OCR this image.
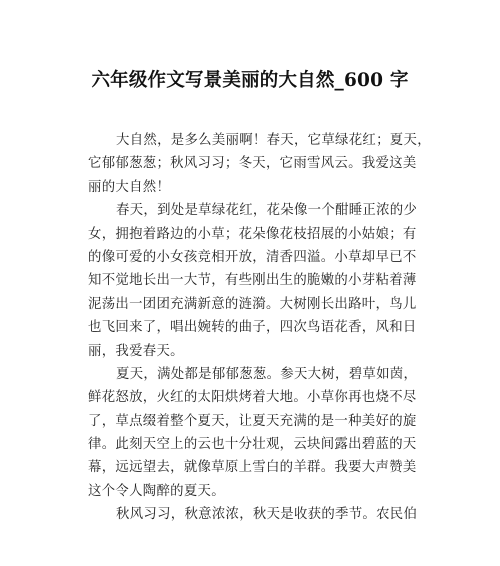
六年级作文写景美丽的大自然_600 字
大自然，是多么美丽啊！春天，它草绿花红；夏天，
它郁郁葱葱；秋风习习；冬天，它雨雪风云。我爱这美
丽的大自然！
春天，到处是草绿花红，花朵像一个酣睡正浓的少
女，拥抱着路边的小草；花朵像花枝招展的小姑娘；有
的像可爱的小女孩竞相开放，清香四溢。小草却早已不
知不觉地长出一大节，有些刚出生的脆嫩的小芽粘着薄
泥荡出一团团充满新意的涟漪。大树刚长出路叶，鸟儿
也飞回来了，唱出婉转的曲子，四次鸟语花香，风和日
丽，我爱春天。
夏天，满处都是郁郁葱葱。参天大树，碧草如茵，
鲜花怒放，火红的太阳烘烤着大地。小草你再也烧不尽
了，草点缀着整个夏天，让夏天充满的是一种美好的旋
律。此刻天空上的云也十分壮观，云块间露出碧蓝的天
幕，远远望去，就像草原上雪白的羊群。我要大声赞美
这个令人陶醉的夏天。
秋风习习，秋意浓浓，秋天是收获的季节。农民伯
